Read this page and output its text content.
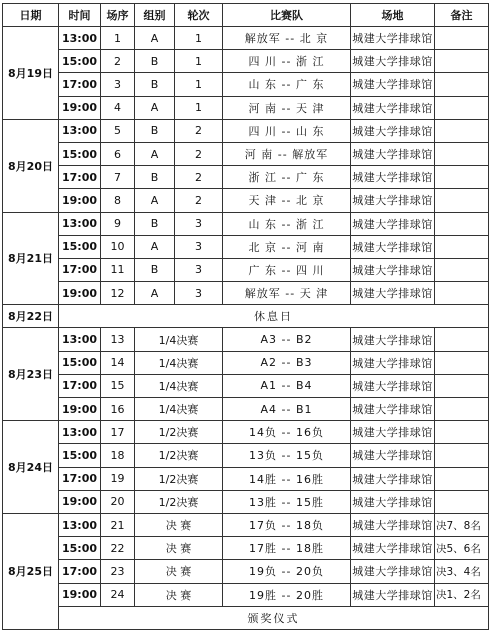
日期	时间	场序	组别	轮次	比赛队	场地	备注
8月19日	13:00	1	A	1	解放军 -- 北 京	城建大学排球馆	
	15:00	2	B	1	四 川 -- 浙 江	城建大学排球馆	
	17:00	3	B	1	山 东 -- 广 东	城建大学排球馆	
	19:00	4	A	1	河 南 -- 天 津	城建大学排球馆	
8月20日	13:00	5	B	2	四 川 -- 山 东	城建大学排球馆	
	15:00	6	A	2	河 南 -- 解放军	城建大学排球馆	
	17:00	7	B	2	浙 江 -- 广 东	城建大学排球馆	
	19:00	8	A	2	天 津 -- 北 京	城建大学排球馆	
8月21日	13:00	9	B	3	山 东 -- 浙 江	城建大学排球馆	
	15:00	10	A	3	北 京 -- 河 南	城建大学排球馆	
	17:00	11	B	3	广 东 -- 四 川	城建大学排球馆	
	19:00	12	A	3	解放军 -- 天 津	城建大学排球馆	
8月22日	休息日						
8月23日	13:00	13	1/4决赛		A3 -- B2	城建大学排球馆	
	15:00	14	1/4决赛		A2 -- B3	城建大学排球馆	
	17:00	15	1/4决赛		A1 -- B4	城建大学排球馆	
	19:00	16	1/4决赛		A4 -- B1	城建大学排球馆	
8月24日	13:00	17	1/2决赛		14负 -- 16负	城建大学排球馆	
	15:00	18	1/2决赛		13负 -- 15负	城建大学排球馆	
	17:00	19	1/2决赛		14胜 -- 16胜	城建大学排球馆	
	19:00	20	1/2决赛		13胜 -- 15胜	城建大学排球馆	
8月25日	13:00	21	决 赛		17负 -- 18负	城建大学排球馆	决7、8名
	15:00	22	决 赛		17胜 -- 18胜	城建大学排球馆	决5、6名
	17:00	23	决 赛		19负 -- 20负	城建大学排球馆	决3、4名
	19:00	24	决 赛		19胜 -- 20胜	城建大学排球馆	决1、2名
	颁奖仪式						
